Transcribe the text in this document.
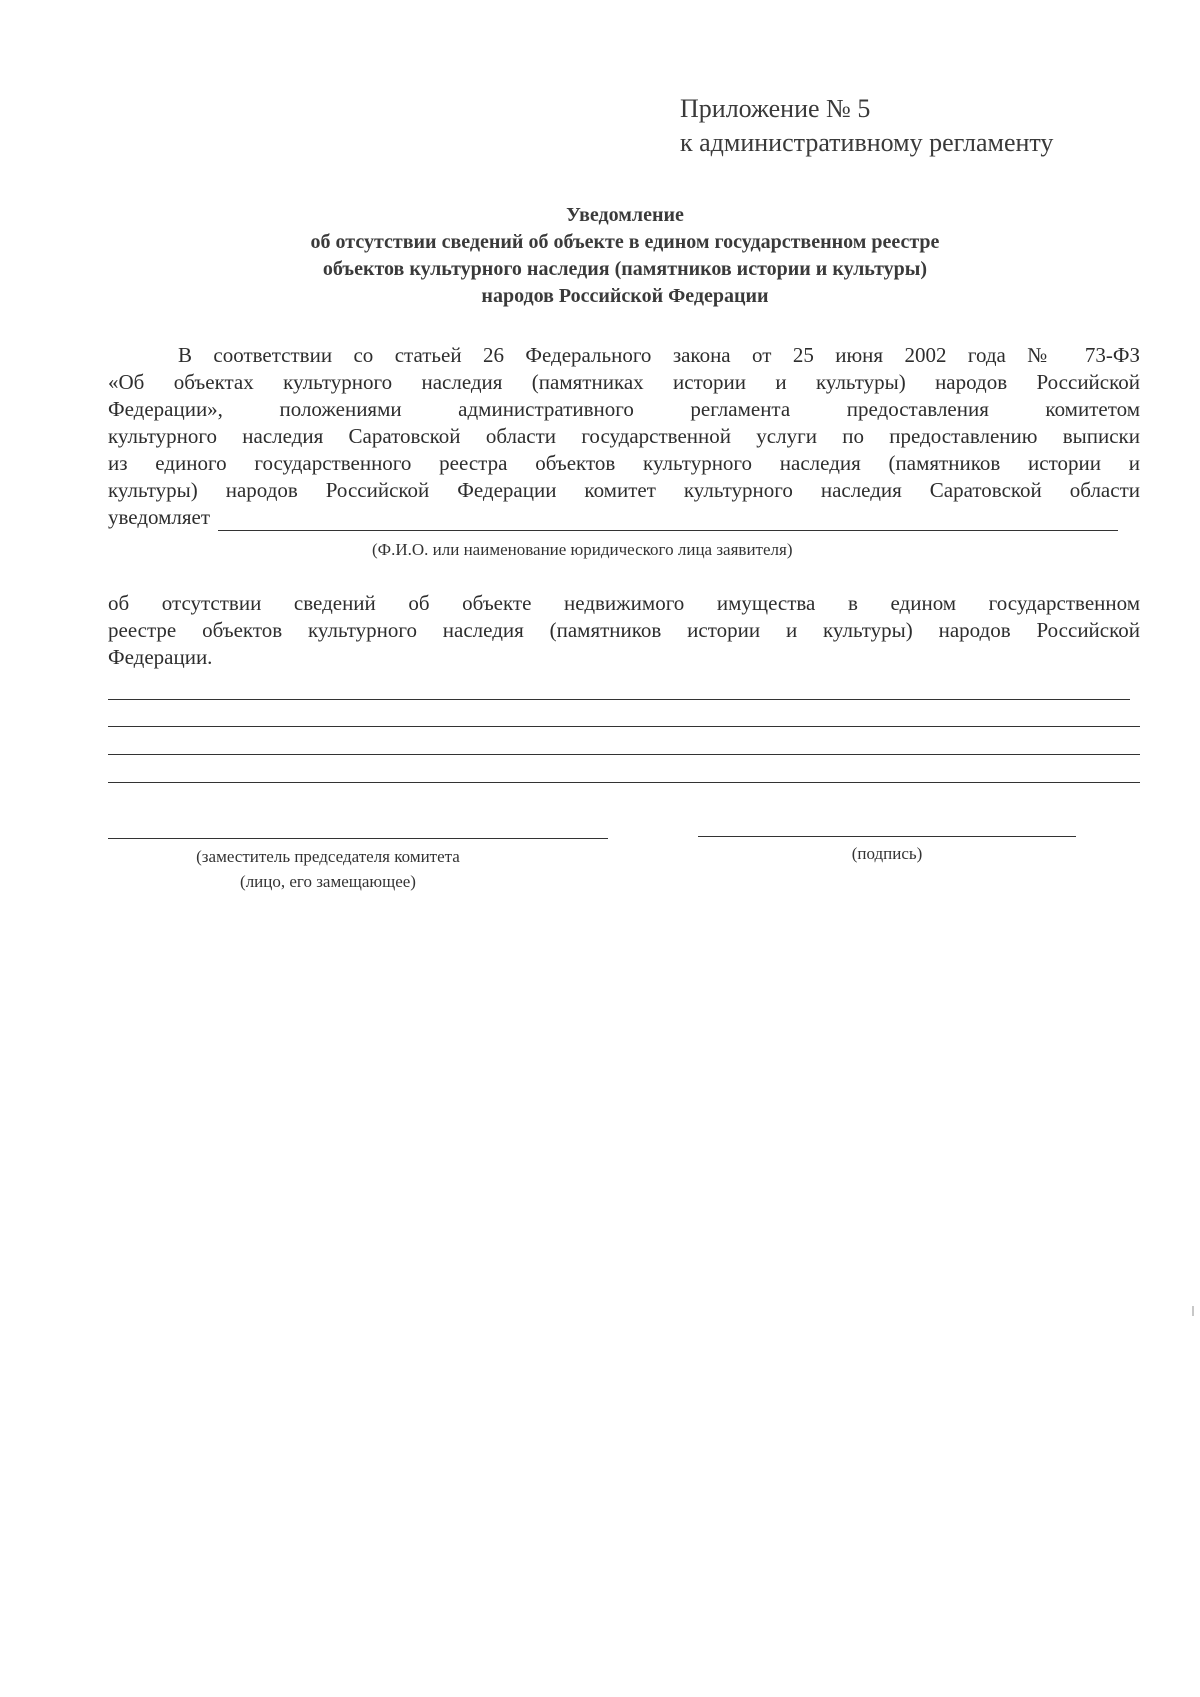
Приложение № 5
к административному регламенту
Уведомление
об отсутствии сведений об объекте в едином государственном реестре
объектов культурного наследия (памятников истории и культуры)
народов Российской Федерации
В соответствии со статьей 26 Федерального закона от 25 июня 2002 года № 73-ФЗ
«Об объектах культурного наследия (памятниках истории и культуры) народов Российской
Федерации», положениями административного регламента предоставления комитетом
культурного наследия Саратовской области государственной услуги по предоставлению выписки
из единого государственного реестра объектов культурного наследия (памятников истории и
культуры) народов Российской Федерации комитет культурного наследия Саратовской области
уведомляет
(Ф.И.О. или наименование юридического лица заявителя)
об отсутствии сведений об объекте недвижимого имущества в едином государственном
реестре объектов культурного наследия (памятников истории и культуры) народов Российской
Федерации.
(заместитель председателя комитета
(лицо, его замещающее)
(подпись)
